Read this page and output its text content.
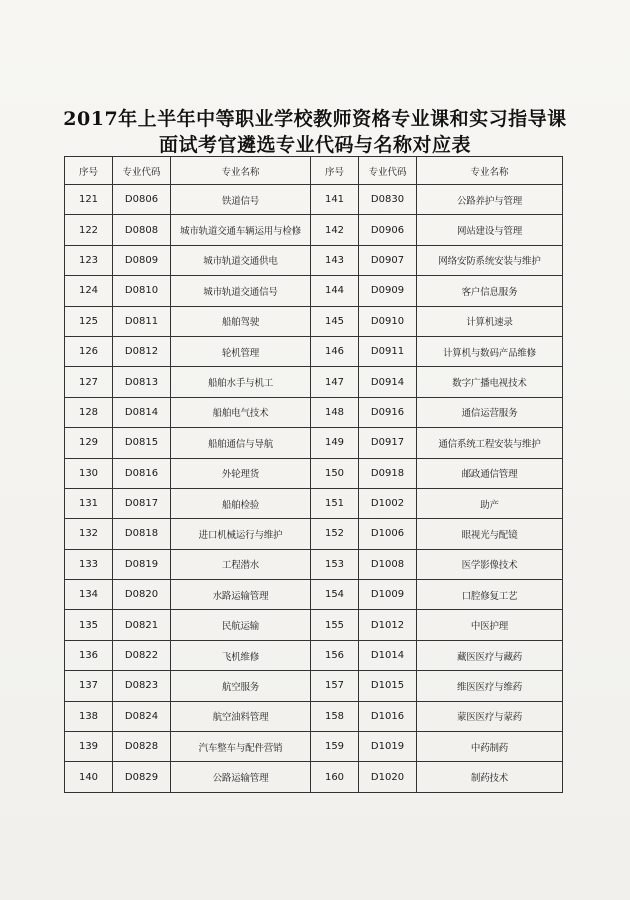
2017年上半年中等职业学校教师资格专业课和实习指导课
面试考官遴选专业代码与名称对应表
序号	专业代码	专业名称	序号	专业代码	专业名称
121	D0806	铁道信号	141	D0830	公路养护与管理
122	D0808	城市轨道交通车辆运用与检修	142	D0906	网站建设与管理
123	D0809	城市轨道交通供电	143	D0907	网络安防系统安装与维护
124	D0810	城市轨道交通信号	144	D0909	客户信息服务
125	D0811	船舶驾驶	145	D0910	计算机速录
126	D0812	轮机管理	146	D0911	计算机与数码产品维修
127	D0813	船舶水手与机工	147	D0914	数字广播电视技术
128	D0814	船舶电气技术	148	D0916	通信运营服务
129	D0815	船舶通信与导航	149	D0917	通信系统工程安装与维护
130	D0816	外轮理货	150	D0918	邮政通信管理
131	D0817	船舶检验	151	D1002	助产
132	D0818	进口机械运行与维护	152	D1006	眼视光与配镜
133	D0819	工程潜水	153	D1008	医学影像技术
134	D0820	水路运输管理	154	D1009	口腔修复工艺
135	D0821	民航运输	155	D1012	中医护理
136	D0822	飞机维修	156	D1014	藏医医疗与藏药
137	D0823	航空服务	157	D1015	维医医疗与维药
138	D0824	航空油料管理	158	D1016	蒙医医疗与蒙药
139	D0828	汽车整车与配件营销	159	D1019	中药制药
140	D0829	公路运输管理	160	D1020	制药技术
